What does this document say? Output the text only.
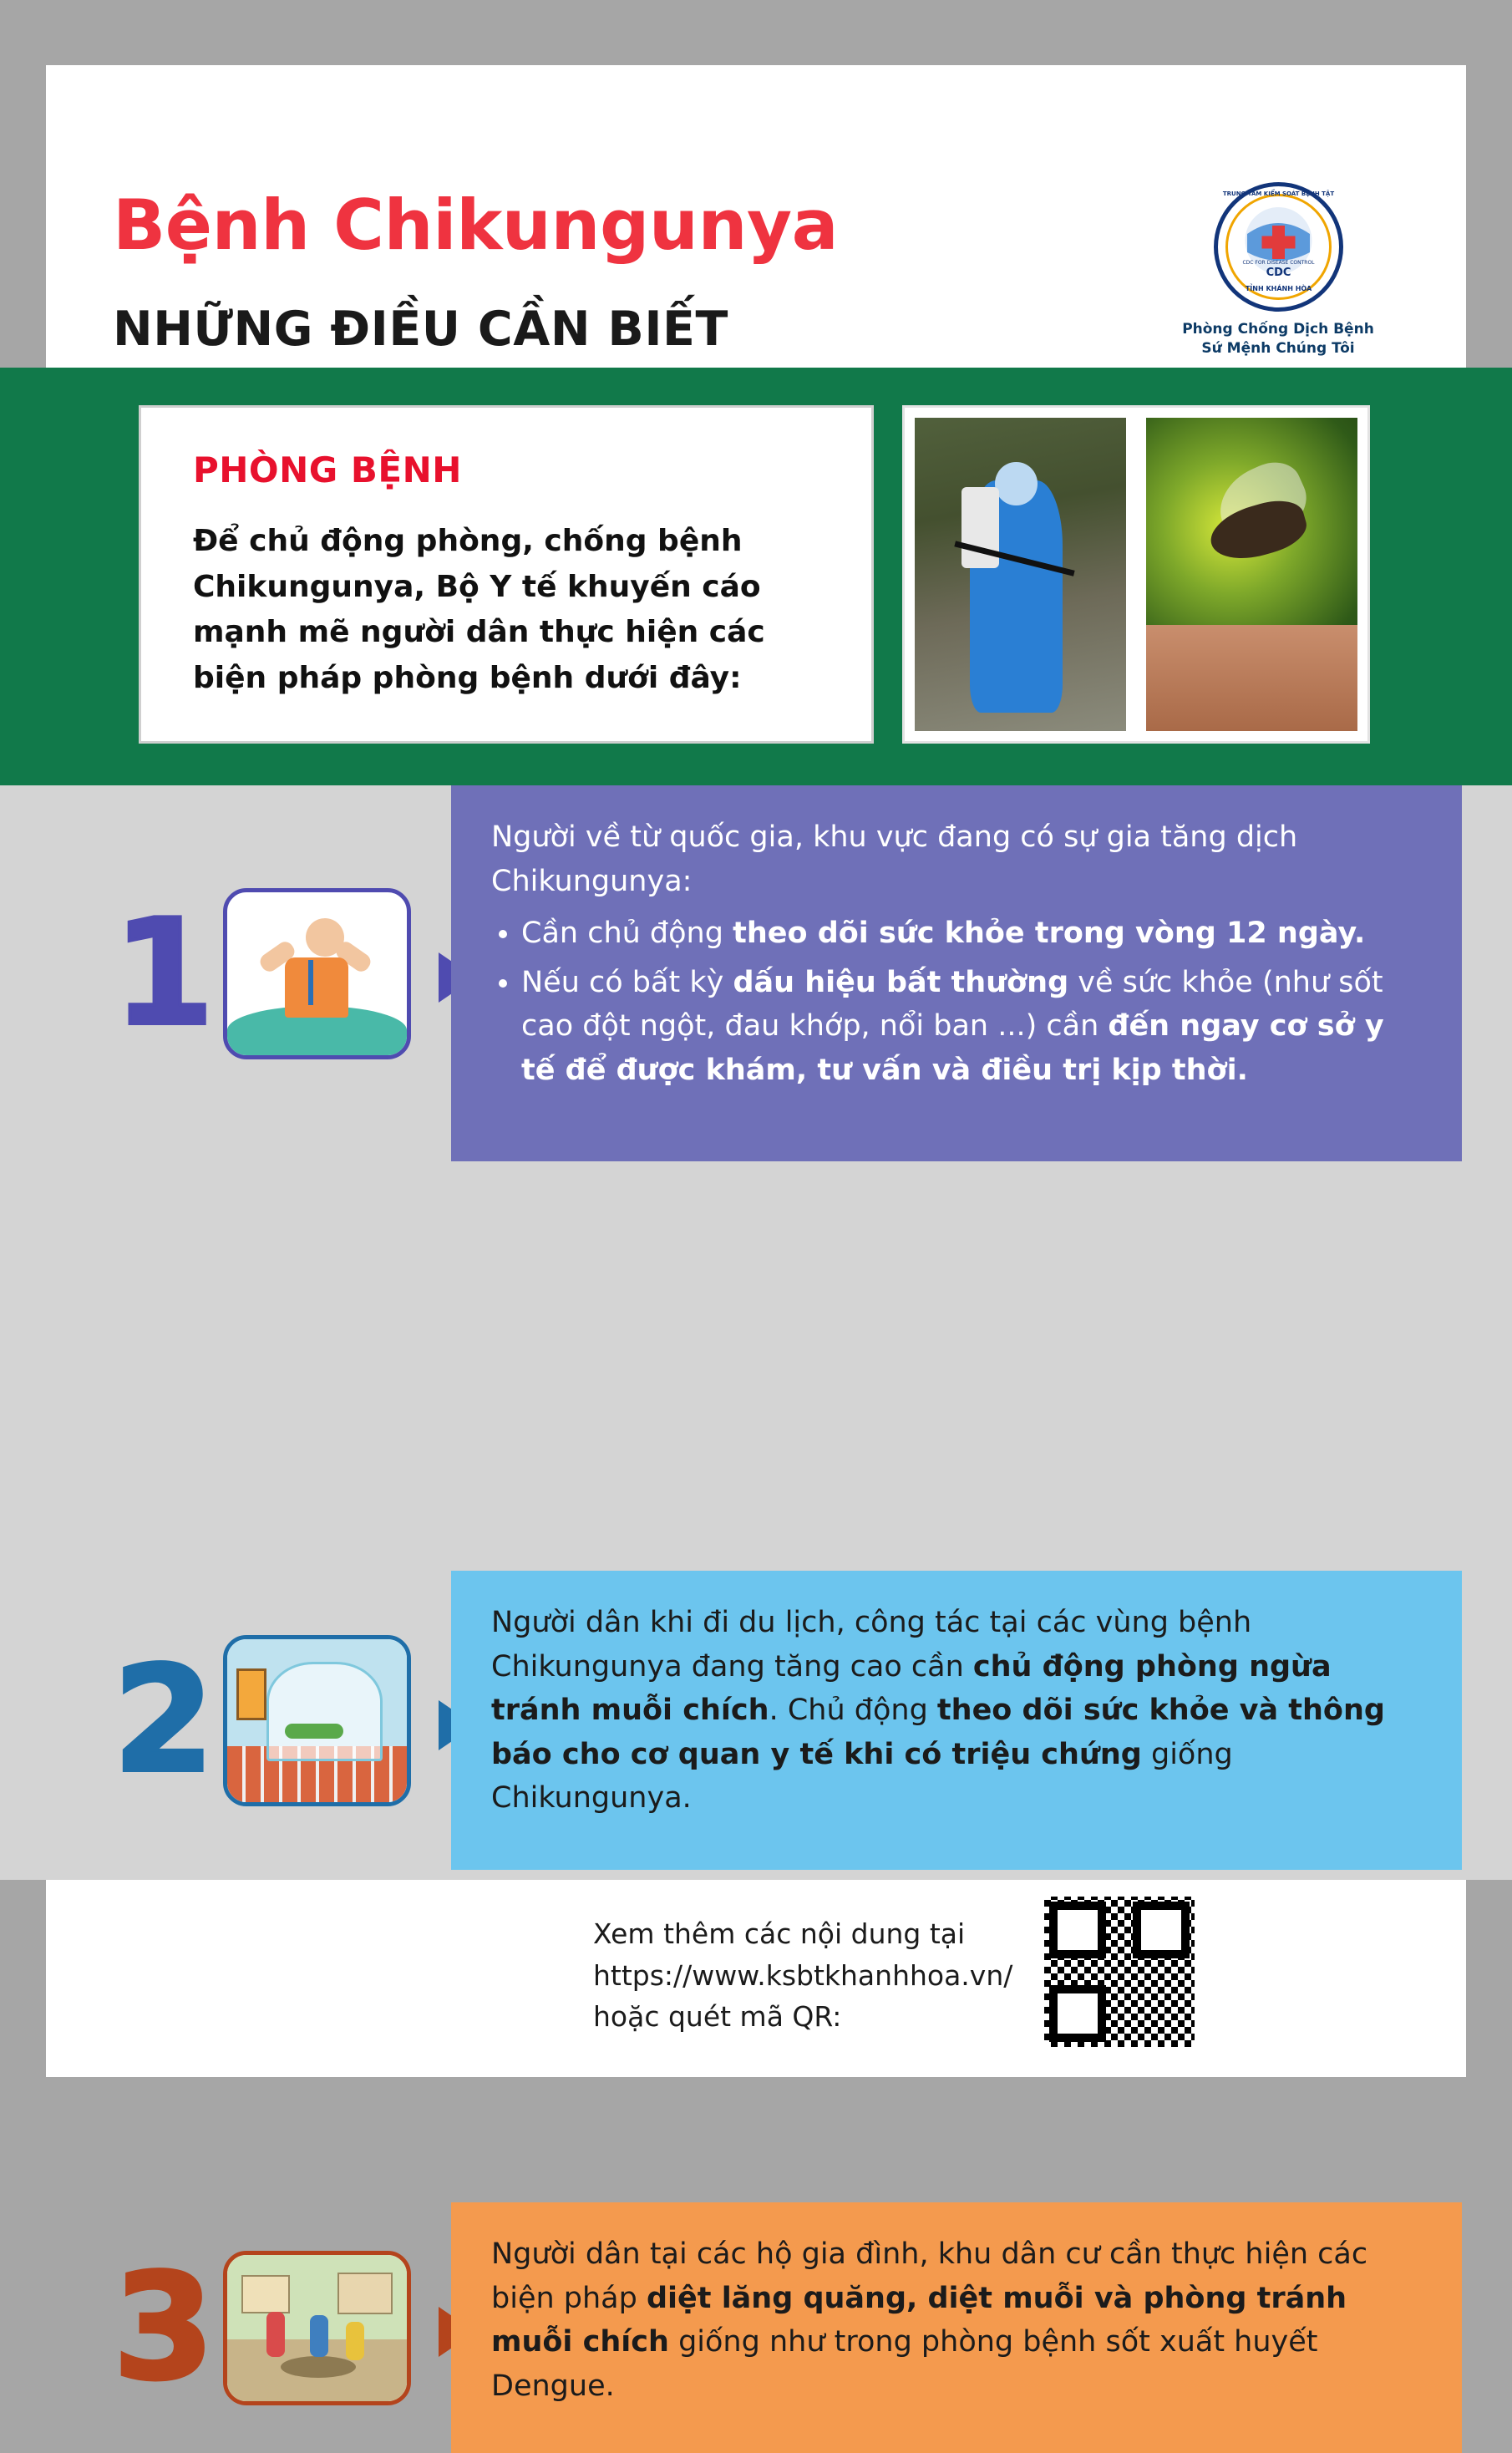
Bệnh Chikungunya
NHỮNG ĐIỀU CẦN BIẾT
CDC
TỈNH KHÁNH HÒA
TRUNG TÂM KIỂM SOÁT BỆNH TẬT
CDC FOR DISEASE CONTROL
Phòng Chống Dịch Bệnh
Sứ Mệnh Chúng Tôi
PHÒNG BỆNH
Để chủ động phòng, chống bệnh Chikungunya, Bộ Y tế khuyến cáo mạnh mẽ người dân thực hiện các biện pháp phòng bệnh dưới đây:
1
Người về từ quốc gia, khu vực đang có sự gia tăng dịch Chikungunya:
• Cần chủ động theo dõi sức khỏe trong vòng 12 ngày.
• Nếu có bất kỳ dấu hiệu bất thường về sức khỏe (như sốt cao đột ngột, đau khớp, nổi ban ...) cần đến ngay cơ sở y tế để được khám, tư vấn và điều trị kịp thời.
2
Người dân khi đi du lịch, công tác tại các vùng bệnh Chikungunya đang tăng cao cần chủ động phòng ngừa tránh muỗi chích. Chủ động theo dõi sức khỏe và thông báo cho cơ quan y tế khi có triệu chứng giống Chikungunya.
3	Người dân tại các hộ gia đình, khu dân cư cần thực hiện các biện pháp diệt lăng quăng, diệt muỗi và phòng tránh muỗi chích giống như trong phòng bệnh sốt xuất huyết Dengue.
Xem thêm các nội dung tại
https://www.ksbtkhanhhoa.vn/
hoặc quét mã QR:
